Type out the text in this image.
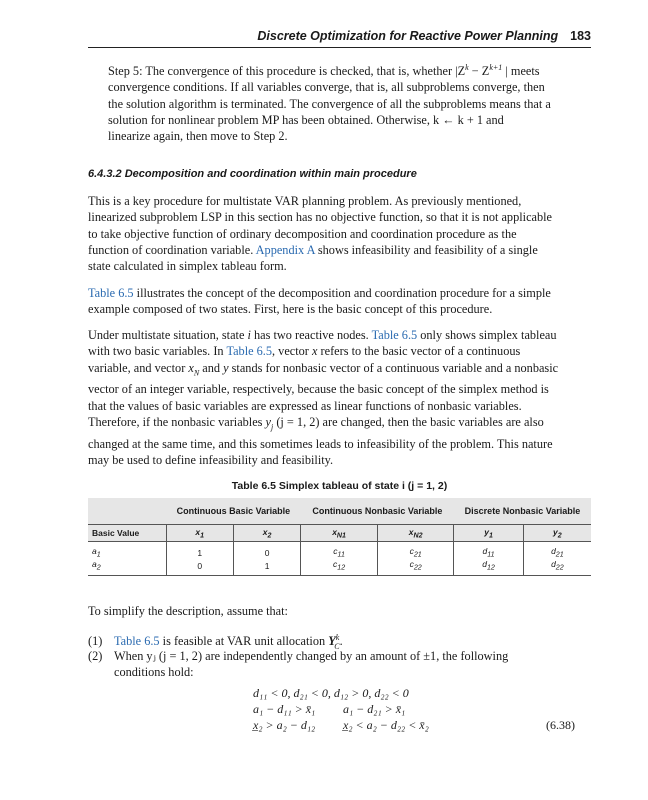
Discrete Optimization for Reactive Power Planning 183
Step 5: The convergence of this procedure is checked, that is, whether $|Z^k - Z^{k+1}$ | meets
convergence conditions. If all variables converge, that is, all subproblems converge, then
the solution algorithm is terminated. The convergence of all the subproblems means that a
solution for nonlinear problem MP has been obtained. Otherwise, k ← k + 1 and
linearize again, then move to Step 2.
6.4.3.2 Decomposition and coordination within main procedure
This is a key procedure for multistate VAR planning problem. As previously mentioned,
linearized subproblem LSP in this section has no objective function, so that it is not applicable
to take objective function of ordinary decomposition and coordination procedure as the
function of coordination variable. Appendix A shows infeasibility and feasibility of a single
state calculated in simplex tableau form.
Table 6.5 illustrates the concept of the decomposition and coordination procedure for a simple
example composed of two states. First, here is the basic concept of this procedure.
Under multistate situation, state i has two reactive nodes. Table 6.5 only shows simplex tableau
with two basic variables. In Table 6.5, vector x refers to the basic vector of a continuous
variable, and vector $x_N$ and y stands for nonbasic vector of a continuous variable and a nonbasic
vector of an integer variable, respectively, because the basic concept of the simplex method is
that the values of basic variables are expressed as linear functions of nonbasic variables.
Therefore, if the nonbasic variables $y_j$ (j = 1, 2) are changed, then the basic variables are also
changed at the same time, and this sometimes leads to infeasibility of the problem. This nature
may be used to define infeasibility and feasibility.
Table 6.5 Simplex tableau of state i (j = 1, 2)
	Continuous Basic Variable		Continuous Nonbasic Variable		Discrete Nonbasic Variable	
Basic Value	$x_1$	$x_2$	$x_{N1}$	$x_{N2}$	$y_1$	$y_2$
$a_1$	1	0	$c_{11}$	$c_{21}$	$d_{11}$	$d_{21}$
$a_2$	0	1	$c_{12}$	$c_{22}$	$d_{12}$	$d_{22}$
To simplify the description, assume that:
(1) Table 6.5 is feasible at VAR unit allocation $Y^k_C$.
(2) When yⱼ (j = 1, 2) are independently changed by an amount of ±1, the following
conditions hold:
d₁₁ < 0, d₂₁ < 0, d₁₂ > 0, d₂₂ < 0
a₁ − d₁₁ > x̄₁ a₁ − d₂₁ > x̄₁
x̲₂ > a₂ − d₁₂ x̲₂ < a₂ − d₂₂ < x̄₂	(6.38)
